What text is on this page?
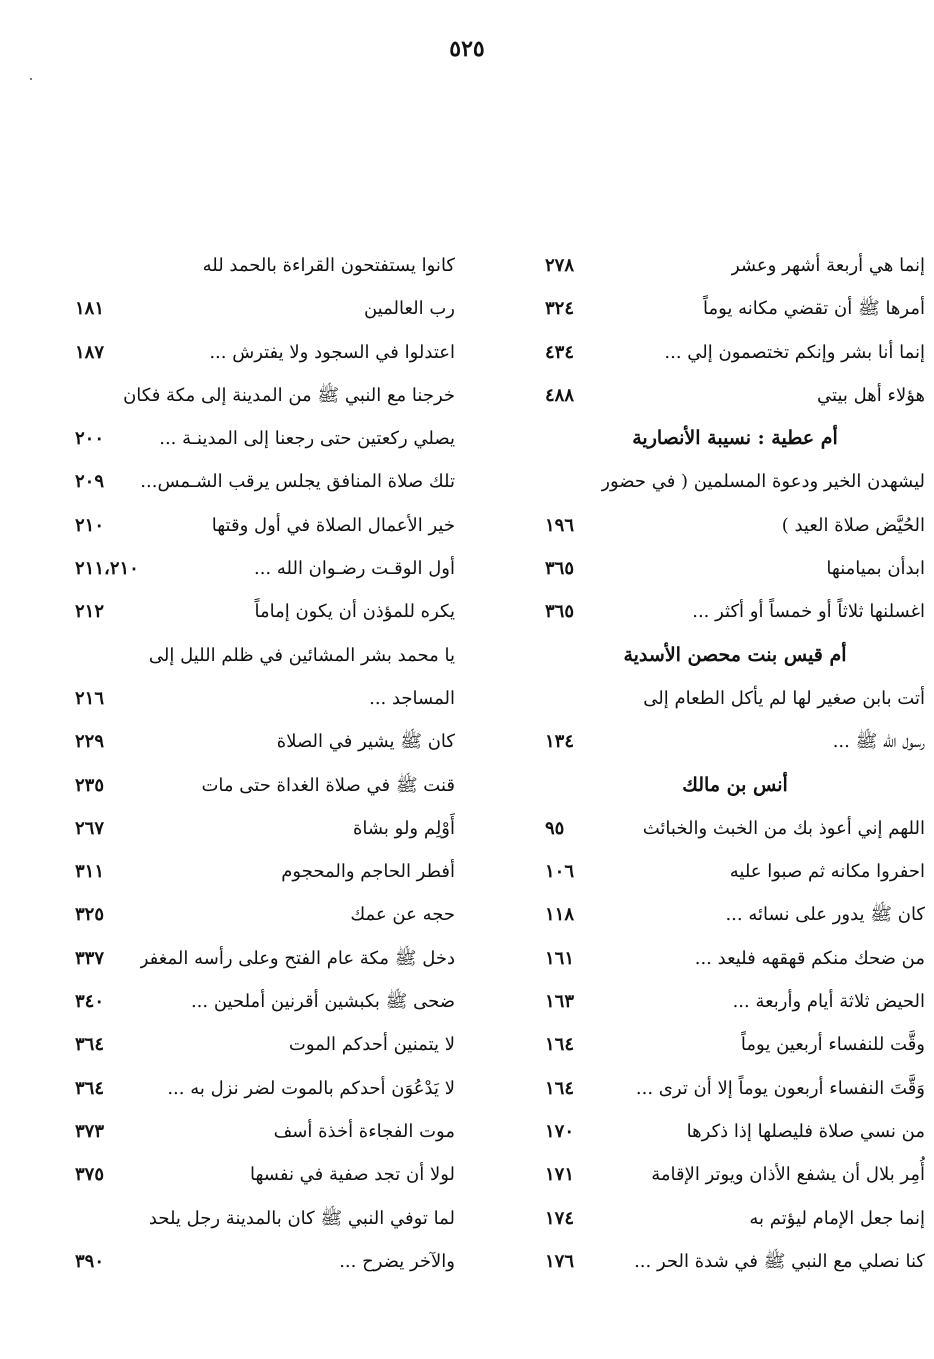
٥٢٥
إنما هي أربعة أشهر وعشر
٢٧٨
أمرها ﷺ أن تقضي مكانه يوماً
٣٢٤
إنما أنا بشر وإنكم تختصمون إلي ...
٤٣٤
هؤلاء أهل بيتي
٤٨٨
أم عطية : نسيبة الأنصارية
ليشهدن الخير ودعوة المسلمين ( في حضور
الحُيَّض صلاة العيد )
١٩٦
ابدأن بميامنها
٣٦٥
اغسلنها ثلاثاً أو خمساً أو أكثر ...
٣٦٥
أم قيس بنت محصن الأسدية
أتت بابن صغير لها لم يأكل الطعام إلى
رسول الله ﷺ ...
١٣٤
أنس بن مالك
اللهم إني أعوذ بك من الخبث والخبائث
٩٥
احفروا مكانه ثم صبوا عليه
١٠٦
كان ﷺ يدور على نسائه ...
١١٨
من ضحك منكم قهقهه فليعد ...
١٦١
الحيض ثلاثة أيام وأربعة ...
١٦٣
وقَّت للنفساء أربعين يوماً
١٦٤
وَقَّتَ النفساء أربعون يوماً إلا أن ترى ...
١٦٤
من نسي صلاة فليصلها إذا ذكرها
١٧٠
أُمِر بلال أن يشفع الأذان ويوتر الإقامة
١٧١
إنما جعل الإمام ليؤتم به
١٧٤
كنا نصلي مع النبي ﷺ في شدة الحر ...
١٧٦
كانوا يستفتحون القراءة بالحمد لله
رب العالمين
١٨١
اعتدلوا في السجود ولا يفترش ...
١٨٧
خرجنا مع النبي ﷺ من المدينة إلى مكة فكان
يصلي ركعتين حتى رجعنا إلى المدينـة ...
٢٠٠
تلك صلاة المنافق يجلس يرقب الشـمس...
٢٠٩
خير الأعمال الصلاة في أول وقتها
٢١٠
أول الوقـت رضـوان الله ...
٢١١،٢١٠
يكره للمؤذن أن يكون إماماً
٢١٢
يا محمد بشر المشائين في ظلم الليل إلى
المساجد ...
٢١٦
كان ﷺ يشير في الصلاة
٢٢٩
قنت ﷺ في صلاة الغداة حتى مات
٢٣٥
أَوْلِم ولو بشاة
٢٦٧
أفطر الحاجم والمحجوم
٣١١
حجه عن عمك
٣٢٥
دخل ﷺ مكة عام الفتح وعلى رأسه المغفر
٣٣٧
ضحى ﷺ بكبشين أقرنين أملحين ...
٣٤٠
لا يتمنين أحدكم الموت
٣٦٤
لا يَدْعُوَن أحدكم بالموت لضر نزل به ...
٣٦٤
موت الفجاءة أخذة أسف
٣٧٣
لولا أن تجد صفية في نفسها
٣٧٥
لما توفي النبي ﷺ كان بالمدينة رجل يلحد
والآخر يضرح ...
٣٩٠
